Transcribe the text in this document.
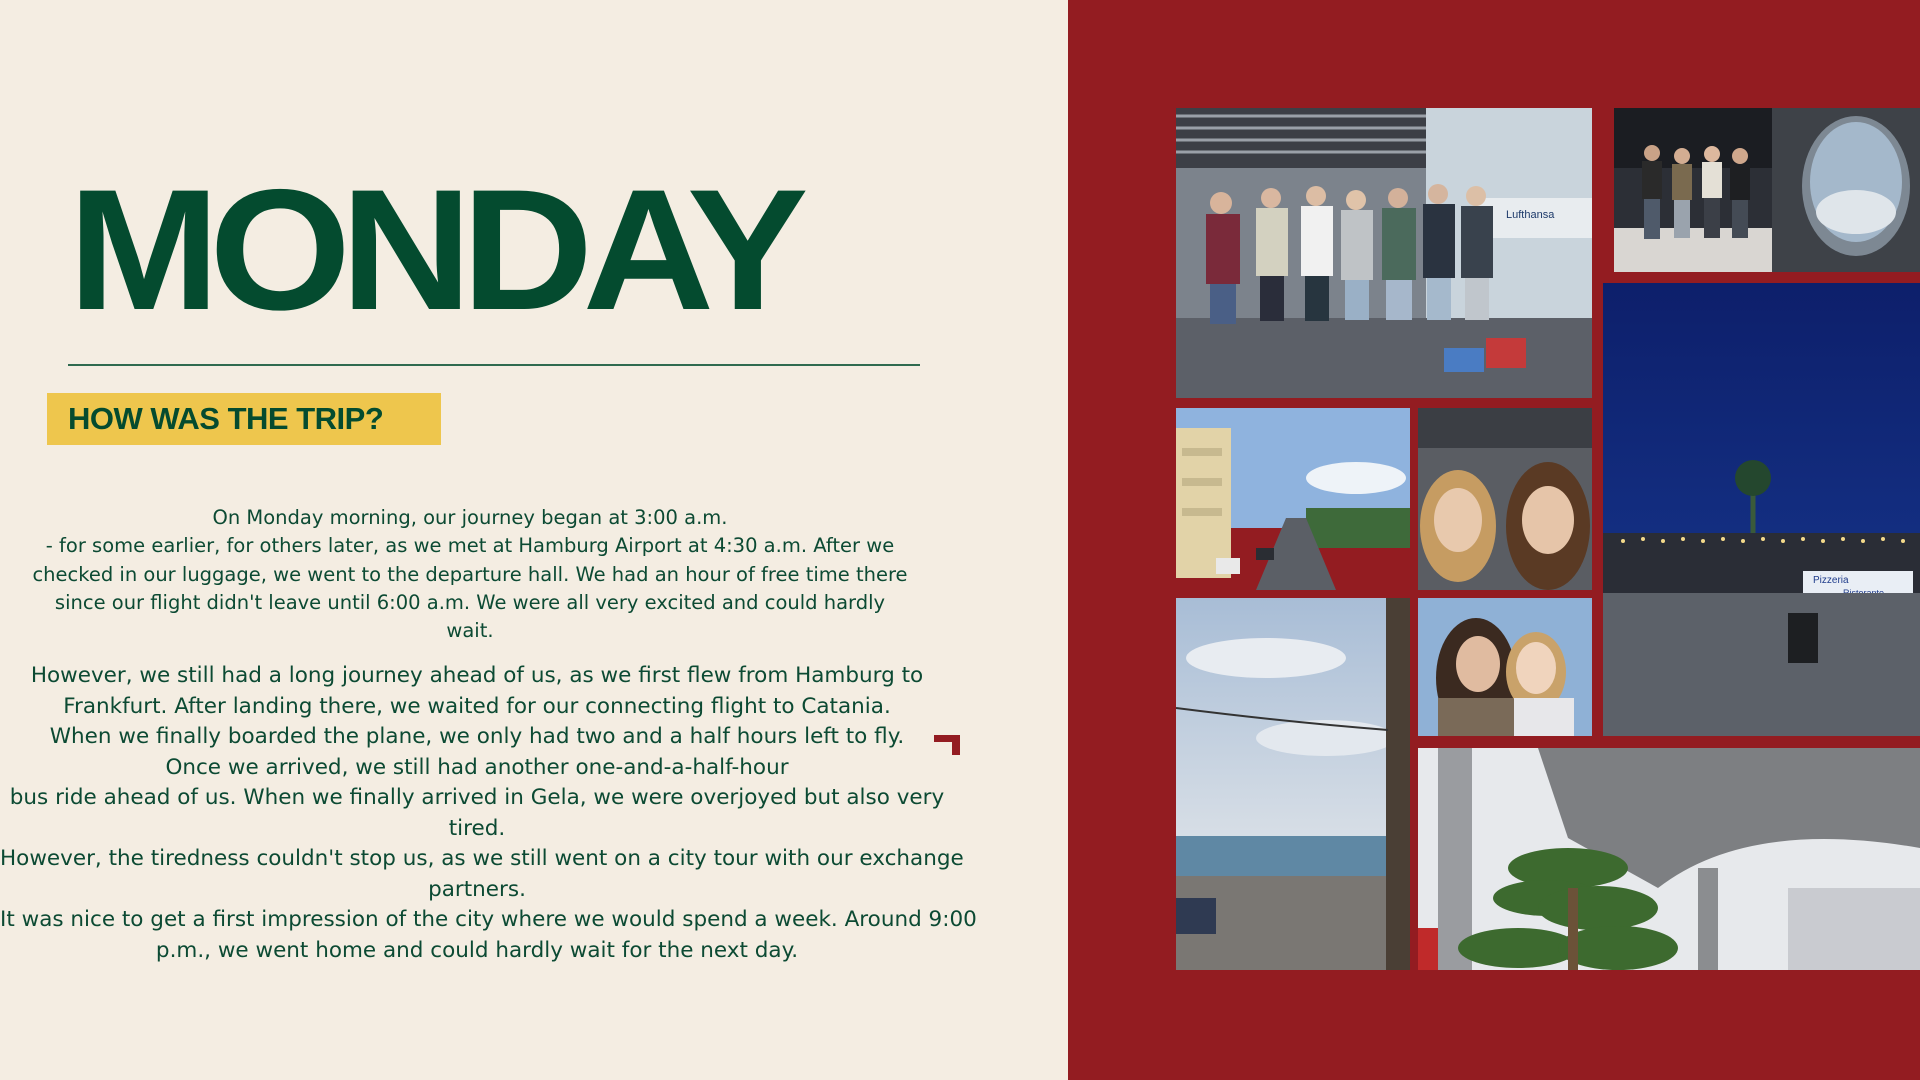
MONDAY
HOW WAS THE TRIP?
On Monday morning, our journey began at 3:00 a.m.
- for some earlier, for others later, as we met at Hamburg Airport at 4:30 a.m. After we
checked in our luggage, we went to the departure hall. We had an hour of free time there
since our flight didn't leave until 6:00 a.m. We were all very excited and could hardly
wait.
However, we still had a long journey ahead of us, as we first flew from Hamburg to
Frankfurt. After landing there, we waited for our connecting flight to Catania.
When we finally boarded the plane, we only had two and a half hours left to fly.
Once we arrived, we still had another one-and-a-half-hour
bus ride ahead of us. When we finally arrived in Gela, we were overjoyed but also very
tired.
However, the tiredness couldn't stop us, as we still went on a city tour with our exchange
partners.
It was nice to get a first impression of the city where we would spend a week. Around 9:00
p.m., we went home and could hardly wait for the next day.
Lufthansa
Pizzeria
